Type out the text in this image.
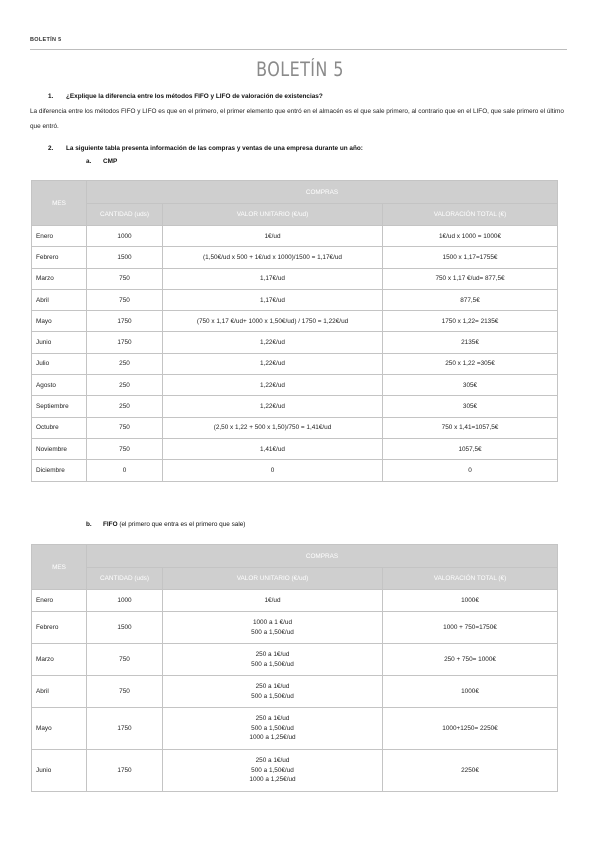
BOLETÍN 5
BOLETÍN 5
1. ¿Explique la diferencia entre los métodos FIFO y LIFO de valoración de existencias?
La diferencia entre los métodos FIFO y LIFO es que en el primero, el primer elemento que entró en el almacén es el que sale primero, al contrario que en el LIFO, que sale primero el último que entró.
2. La siguiente tabla presenta información de las compras y ventas de una empresa durante un año:
a. CMP
MES	COMPRAS		
	CANTIDAD (uds)	VALOR UNITARIO (€/ud)	VALORACIÓN TOTAL (€)
Enero	1000	1€/ud	1€/ud x 1000 = 1000€
Febrero	1500	(1,50€/ud x 500 + 1€/ud x 1000)/1500 = 1,17€/ud	1500 x 1,17=1755€
Marzo	750	1,17€/ud	750 x 1,17 €/ud= 877,5€
Abril	750	1,17€/ud	877,5€
Mayo	1750	(750 x 1,17 €/ud+ 1000 x 1,50€/ud) / 1750 = 1,22€/ud	1750 x 1,22= 2135€
Junio	1750	1,22€/ud	2135€
Julio	250	1,22€/ud	250 x 1,22 =305€
Agosto	250	1,22€/ud	305€
Septiembre	250	1,22€/ud	305€
Octubre	750	(2,50 x 1,22 + 500 x 1,50)/750 = 1,41€/ud	750 x 1,41=1057,5€
Noviembre	750	1,41€/ud	1057,5€
Diciembre	0	0	0
b. FIFO (el primero que entra es el primero que sale)
MES	COMPRAS		
	CANTIDAD (uds)	VALOR UNITARIO (€/ud)	VALORACIÓN TOTAL (€)
Enero	1000	1€/ud	1000€
Febrero	1500	1000 a 1 €/ud
500 a 1,50€/ud	1000 + 750=1750€
Marzo	750	250 a 1€/ud
500 a 1,50€/ud	250 + 750= 1000€
Abril	750	250 a 1€/ud
500 a 1,50€/ud	1000€
Mayo	1750	250 a 1€/ud
500 a 1,50€/ud
1000 a 1,25€/ud	1000+1250= 2250€
Junio	1750	250 a 1€/ud
500 a 1,50€/ud
1000 a 1,25€/ud	2250€
